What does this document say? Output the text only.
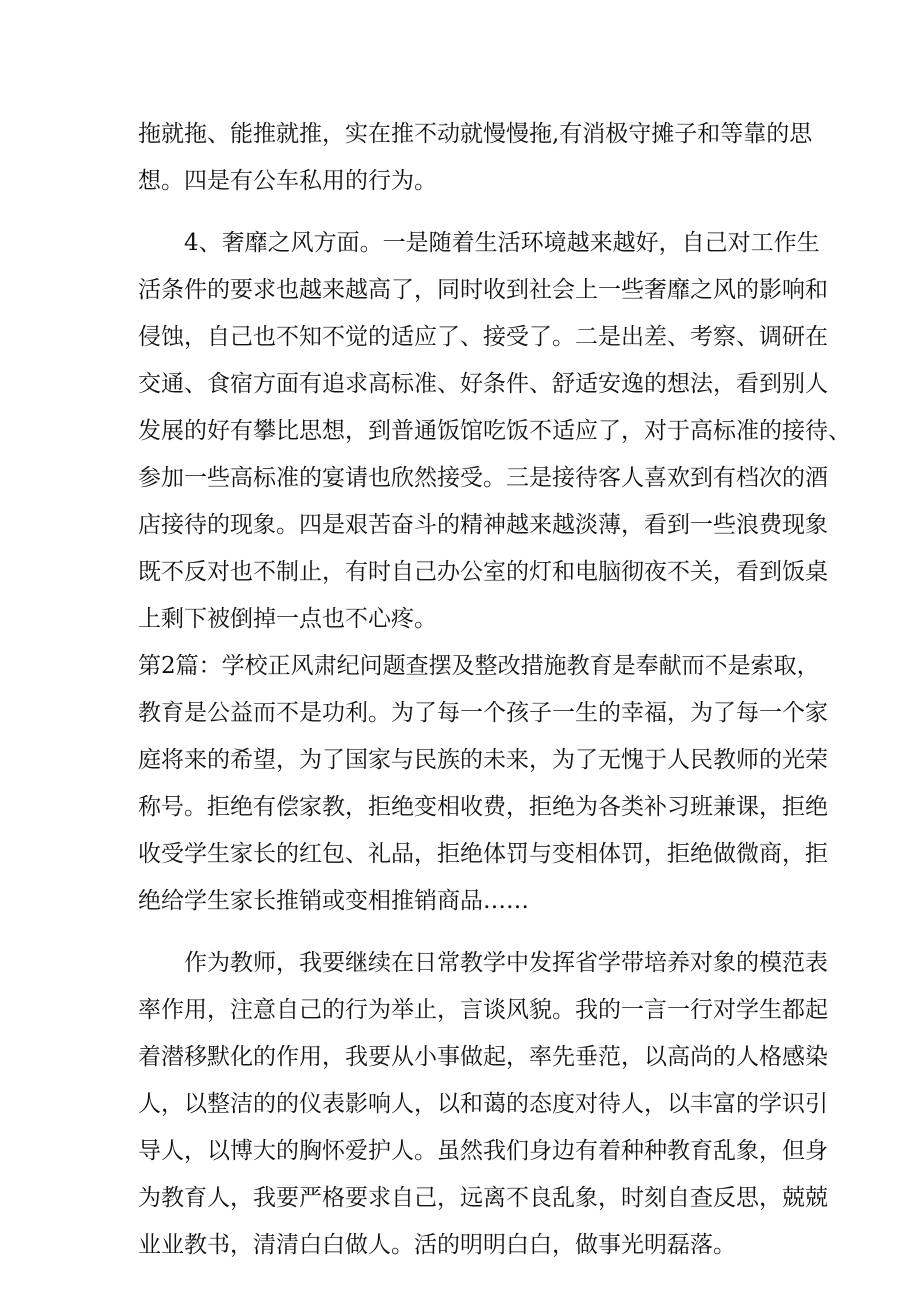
拖就拖、能推就推，实在推不动就慢慢拖,有消极守摊子和等靠的思
想。四是有公车私用的行为。
4、奢靡之风方面。一是随着生活环境越来越好，自己对工作生
活条件的要求也越来越高了，同时收到社会上一些奢靡之风的影响和
侵蚀，自己也不知不觉的适应了、接受了。二是出差、考察、调研在
交通、食宿方面有追求高标准、好条件、舒适安逸的想法，看到别人
发展的好有攀比思想，到普通饭馆吃饭不适应了，对于高标准的接待、
参加一些高标准的宴请也欣然接受。三是接待客人喜欢到有档次的酒
店接待的现象。四是艰苦奋斗的精神越来越淡薄，看到一些浪费现象
既不反对也不制止，有时自己办公室的灯和电脑彻夜不关，看到饭桌
上剩下被倒掉一点也不心疼。
第2篇：学校正风肃纪问题查摆及整改措施教育是奉献而不是索取，
教育是公益而不是功利。为了每一个孩子一生的幸福，为了每一个家
庭将来的希望，为了国家与民族的未来，为了无愧于人民教师的光荣
称号。拒绝有偿家教，拒绝变相收费，拒绝为各类补习班兼课，拒绝
收受学生家长的红包、礼品，拒绝体罚与变相体罚，拒绝做微商，拒
绝给学生家长推销或变相推销商品……
作为教师，我要继续在日常教学中发挥省学带培养对象的模范表
率作用，注意自己的行为举止，言谈风貌。我的一言一行对学生都起
着潜移默化的作用，我要从小事做起，率先垂范，以高尚的人格感染
人，以整洁的的仪表影响人，以和蔼的态度对待人，以丰富的学识引
导人，以博大的胸怀爱护人。虽然我们身边有着种种教育乱象，但身
为教育人，我要严格要求自己，远离不良乱象，时刻自查反思，兢兢
业业教书，清清白白做人。活的明明白白，做事光明磊落。
